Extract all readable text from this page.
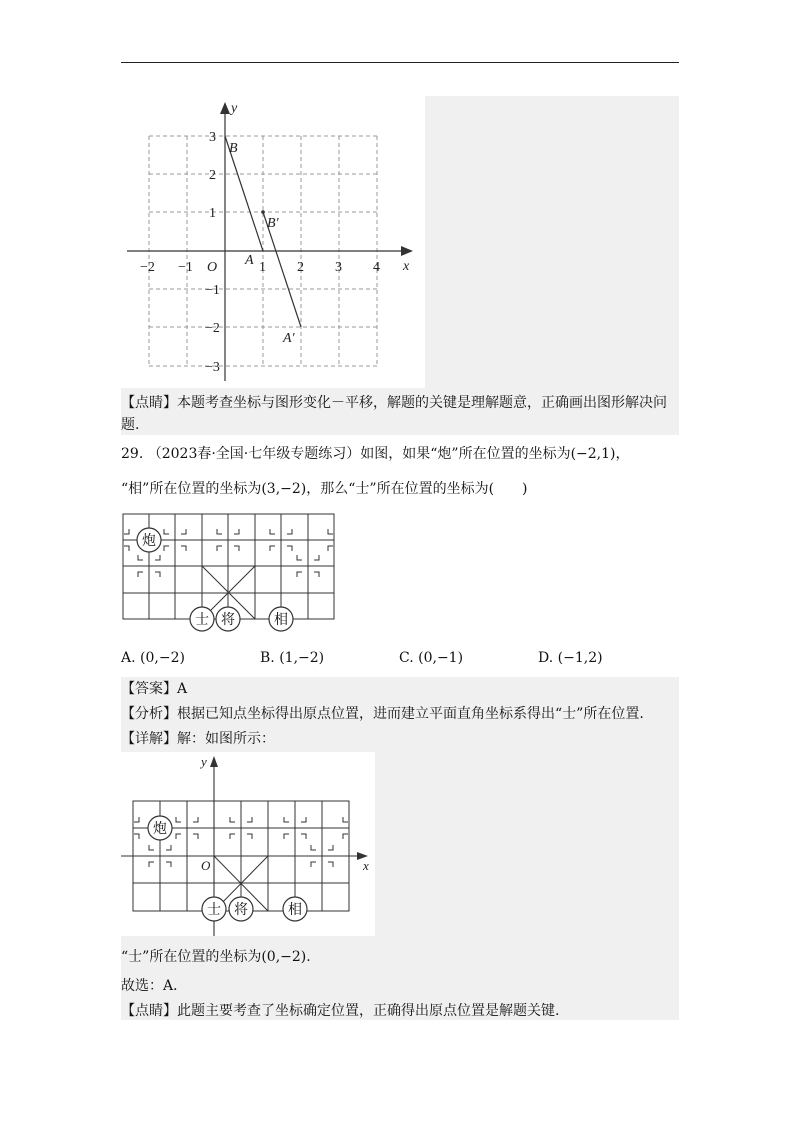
−2 −1	1 2 3 4
3
2
1
−1
−2
−3
O	x
y
B
B′
A
A′
【点睛】本题考查坐标与图形变化－平移，解题的关键是理解题意，正确画出图形解决问
题.
29. （2023春·全国·七年级专题练习）如图，如果“炮”所在位置的坐标为(−2,1)，
“相”所在位置的坐标为(3,−2)，那么“士”所在位置的坐标为(　　)
炮
士 将	相
A. (0,−2)	B. (1,−2)	C. (0,−1)	D. (−1,2)
【答案】A
【分析】根据已知点坐标得出原点位置，进而建立平面直角坐标系得出“士”所在位置.
【详解】解：如图所示：
炮
士 将	相
O	x
y
“士”所在位置的坐标为(0,−2).
故选：A．
【点睛】此题主要考查了坐标确定位置，正确得出原点位置是解题关键.
